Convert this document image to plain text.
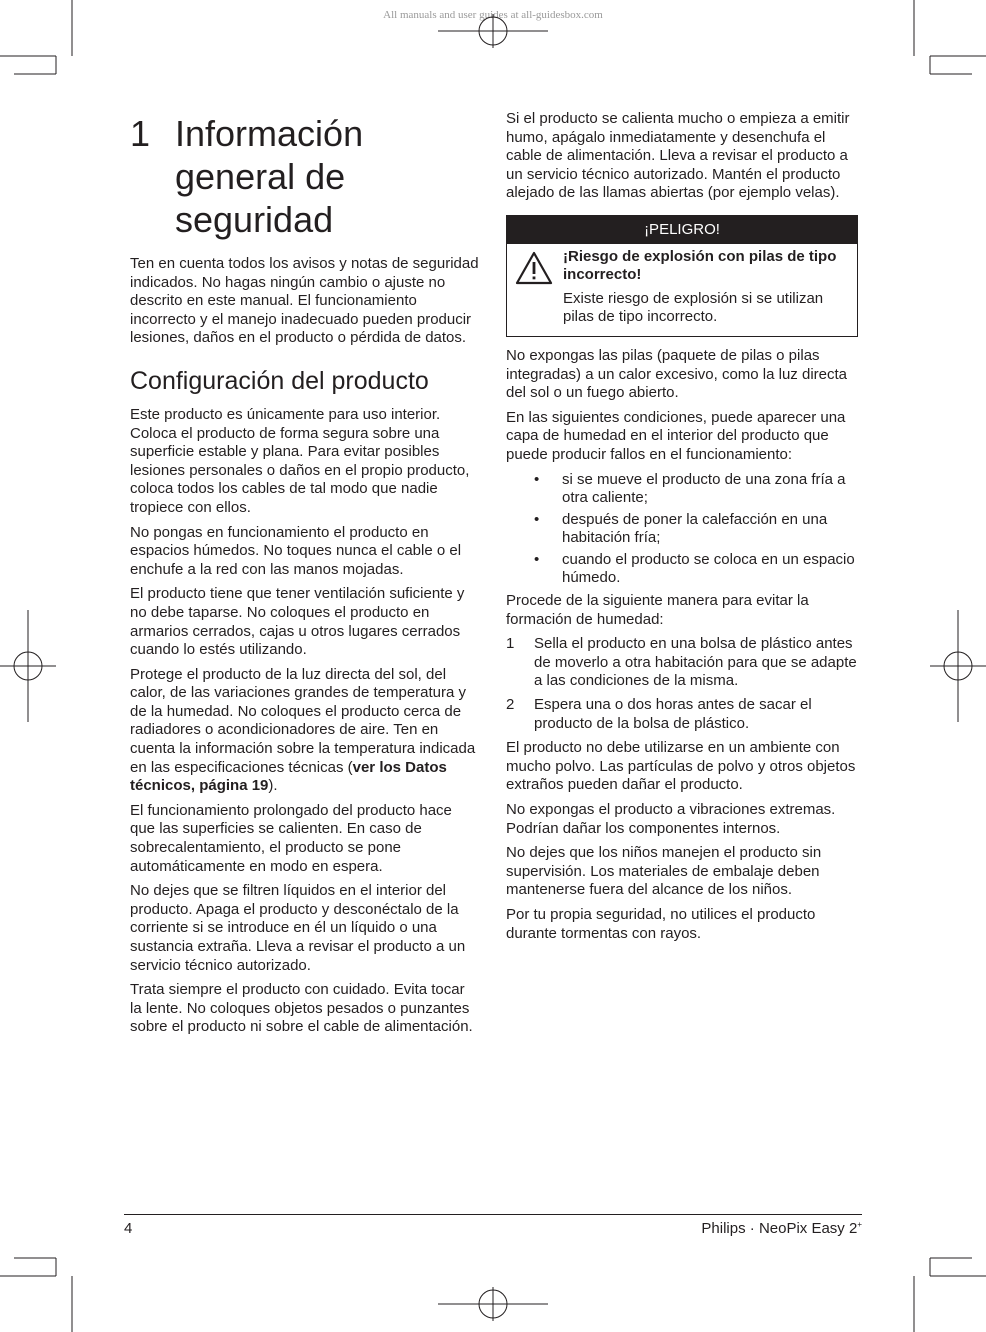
All manuals and user guides at all-guidesbox.com
1 Información general de seguridad

Ten en cuenta todos los avisos y notas de seguridad indicados. No hagas ningún cambio o ajuste no descrito en este manual. El funcionamiento incorrecto y el manejo inadecuado pueden producir lesiones, daños en el producto o pérdida de datos.

Configuración del producto

Este producto es únicamente para uso interior. Coloca el producto de forma segura sobre una superficie estable y plana. Para evitar posibles lesiones personales o daños en el propio producto, coloca todos los cables de tal modo que nadie tropiece con ellos.

No pongas en funcionamiento el producto en espacios húmedos. No toques nunca el cable o el enchufe a la red con las manos mojadas.

El producto tiene que tener ventilación suficiente y no debe taparse. No coloques el producto en armarios cerrados, cajas u otros lugares cerrados cuando lo estés utilizando.

Protege el producto de la luz directa del sol, del calor, de las variaciones grandes de temperatura y de la humedad. No coloques el producto cerca de radiadores o acondicionadores de aire. Ten en cuenta la información sobre la temperatura indicada en las especificaciones técnicas (ver los Datos técnicos, página 19).

El funcionamiento prolongado del producto hace que las superficies se calienten. En caso de sobrecalentamiento, el producto se pone automáticamente en modo en espera.

No dejes que se filtren líquidos en el interior del producto. Apaga el producto y desconéctalo de la corriente si se introduce en él un líquido o una sustancia extraña. Lleva a revisar el producto a un servicio técnico autorizado.

Trata siempre el producto con cuidado. Evita tocar la lente. No coloques objetos pesados o punzantes sobre el producto ni sobre el cable de alimentación.

Si el producto se calienta mucho o empieza a emitir humo, apágalo inmediatamente y desenchufa el cable de alimentación. Lleva a revisar el producto a un servicio técnico autorizado. Mantén el producto alejado de las llamas abiertas (por ejemplo velas).

¡PELIGRO!

¡Riesgo de explosión con pilas de tipo incorrecto!

Existe riesgo de explosión si se utilizan pilas de tipo incorrecto.

No expongas las pilas (paquete de pilas o pilas integradas) a un calor excesivo, como la luz directa del sol o un fuego abierto.

En las siguientes condiciones, puede aparecer una capa de humedad en el interior del producto que puede producir fallos en el funcionamiento:

• si se mueve el producto de una zona fría a otra caliente;
• después de poner la calefacción en una habitación fría;
• cuando el producto se coloca en un espacio húmedo.

Procede de la siguiente manera para evitar la formación de humedad:

1 Sella el producto en una bolsa de plástico antes de moverlo a otra habitación para que se adapte a las condiciones de la misma.
2 Espera una o dos horas antes de sacar el producto de la bolsa de plástico.

El producto no debe utilizarse en un ambiente con mucho polvo. Las partículas de polvo y otros objetos extraños pueden dañar el producto.

No expongas el producto a vibraciones extremas. Podrían dañar los componentes internos.

No dejes que los niños manejen el producto sin supervisión. Los materiales de embalaje deben mantenerse fuera del alcance de los niños.

Por tu propia seguridad, no utilices el producto durante tormentas con rayos.

4	Philips · NeoPix Easy 2+
